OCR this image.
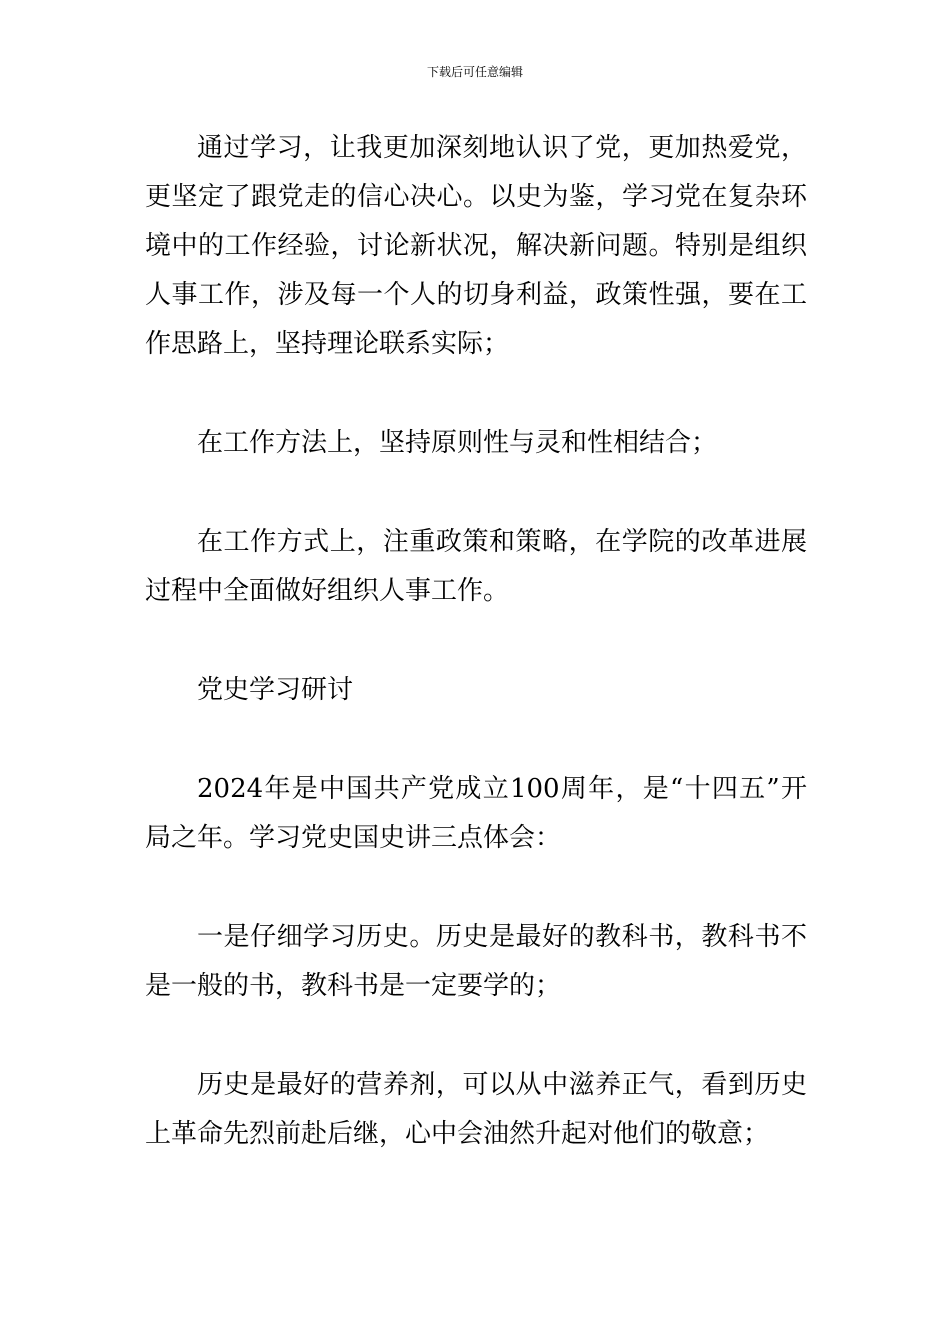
下载后可任意编辑

通过学习，让我更加深刻地认识了党，更加热爱党，更坚定了跟党走的信心决心。以史为鉴，学习党在复杂环境中的工作经验，讨论新状况，解决新问题。特别是组织人事工作，涉及每一个人的切身利益，政策性强，要在工作思路上，坚持理论联系实际；

在工作方法上，坚持原则性与灵和性相结合；

在工作方式上，注重政策和策略，在学院的改革进展过程中全面做好组织人事工作。

党史学习研讨

2024年是中国共产党成立100周年，是“十四五”开局之年。学习党史国史讲三点体会：

一是仔细学习历史。历史是最好的教科书，教科书不是一般的书，教科书是一定要学的；

历史是最好的营养剂，可以从中滋养正气，看到历史上革命先烈前赴后继，心中会油然升起对他们的敬意；
